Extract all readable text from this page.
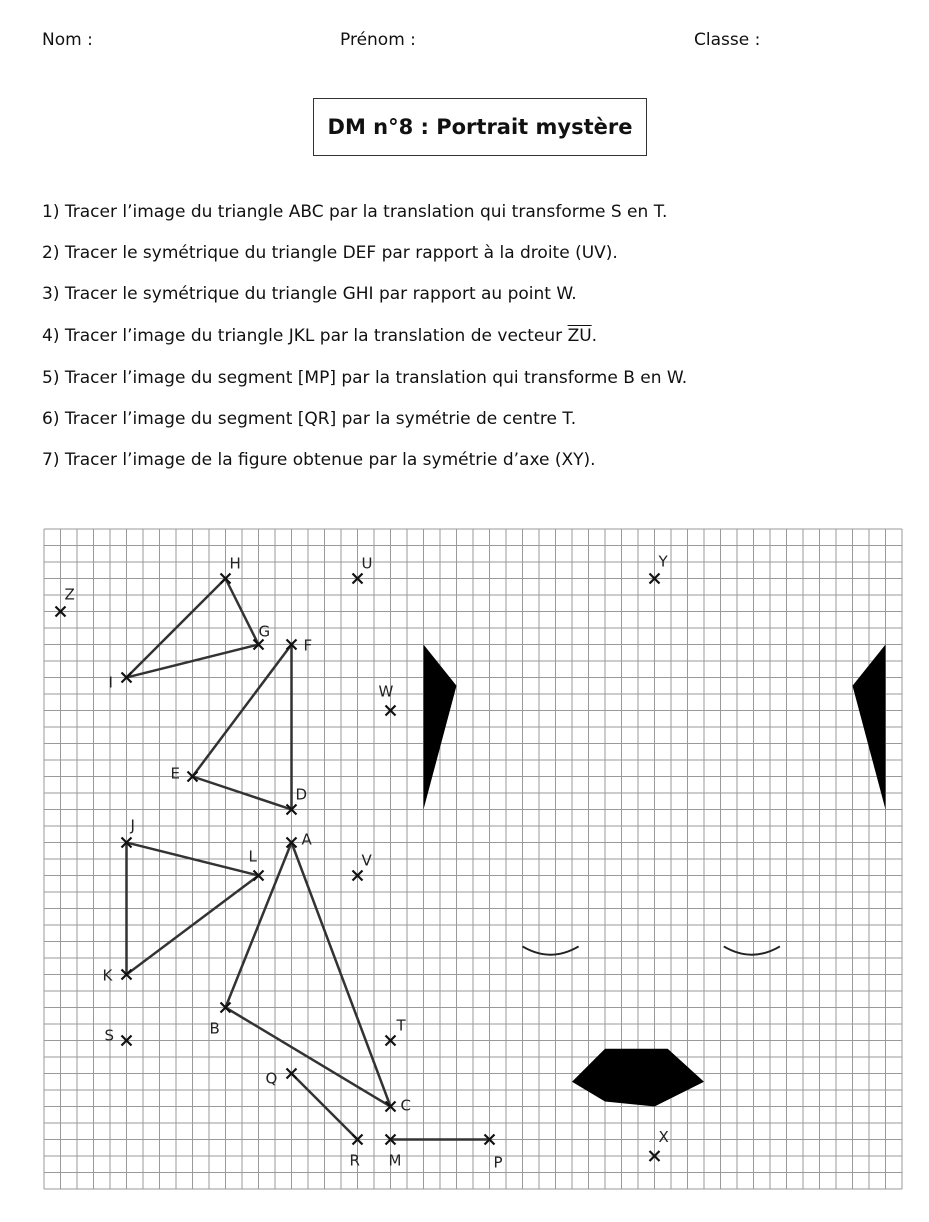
Nom :	Prénom :	Classe :
DM n°8 : Portrait mystère
1) Tracer l’image du triangle ABC par la translation qui transforme S en T.
2) Tracer le symétrique du triangle DEF par rapport à la droite (UV).
3) Tracer le symétrique du triangle GHI par rapport au point W.
4) Tracer l’image du triangle JKL par la translation de vecteur $\overline{ZU}$.
5) Tracer l’image du segment [MP] par la translation qui transforme B en W.
6) Tracer l’image du segment [QR] par la symétrie de centre T.
7) Tracer l’image de la figure obtenue par la symétrie d’axe (XY).
A
B
C
D
E
F
G
H
I
J
K
L
M	P
Q
R
S
T
U
V
W
X
Y
Z
